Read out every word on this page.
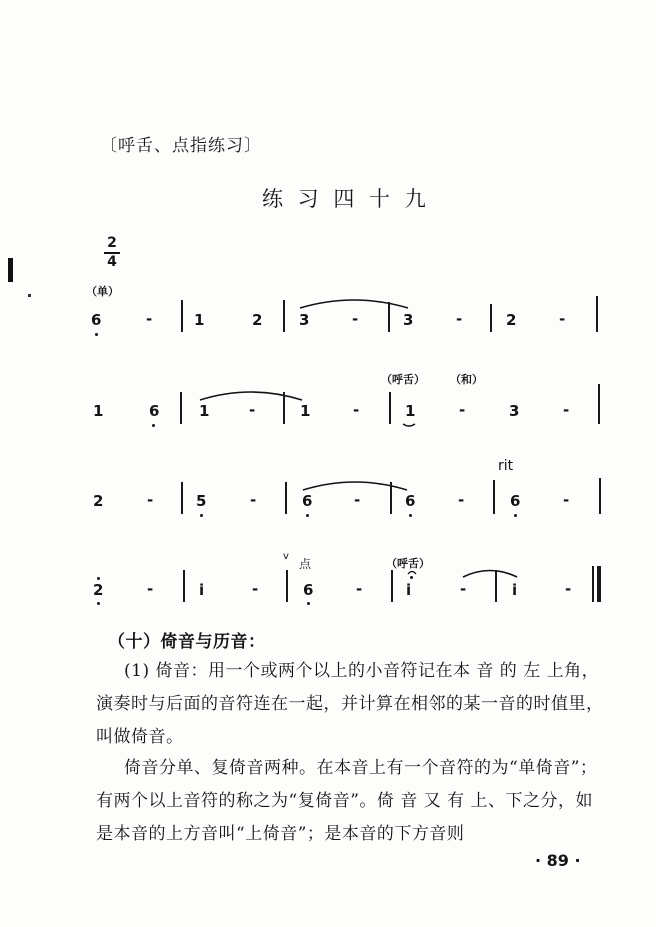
〔呼舌、点指练习〕
练 习 四 十 九
2
4
（单）
6	-	1	2 3	-	3	-	2	-
（呼舌） （和）
1	6	1	-	1	-	1	-	3	-
rit
2	-	5	-	6	-	6	-	6	-
v
点	（呼舌）
2	-	i	-	6	-	i	-	i	-
（十）倚音与历音：
(1) 倚音：用一个或两个以上的小音符记在本 音 的 左 上角，演奏时与后面的音符连在一起，并计算在相邻的某一音的时值里，叫做倚音。
倚音分单、复倚音两种。在本音上有一个音符的为“单倚音”；有两个以上音符的称之为“复倚音”。倚 音 又 有 上、下之分，如是本音的上方音叫“上倚音”；是本音的下方音则
· 89 ·
